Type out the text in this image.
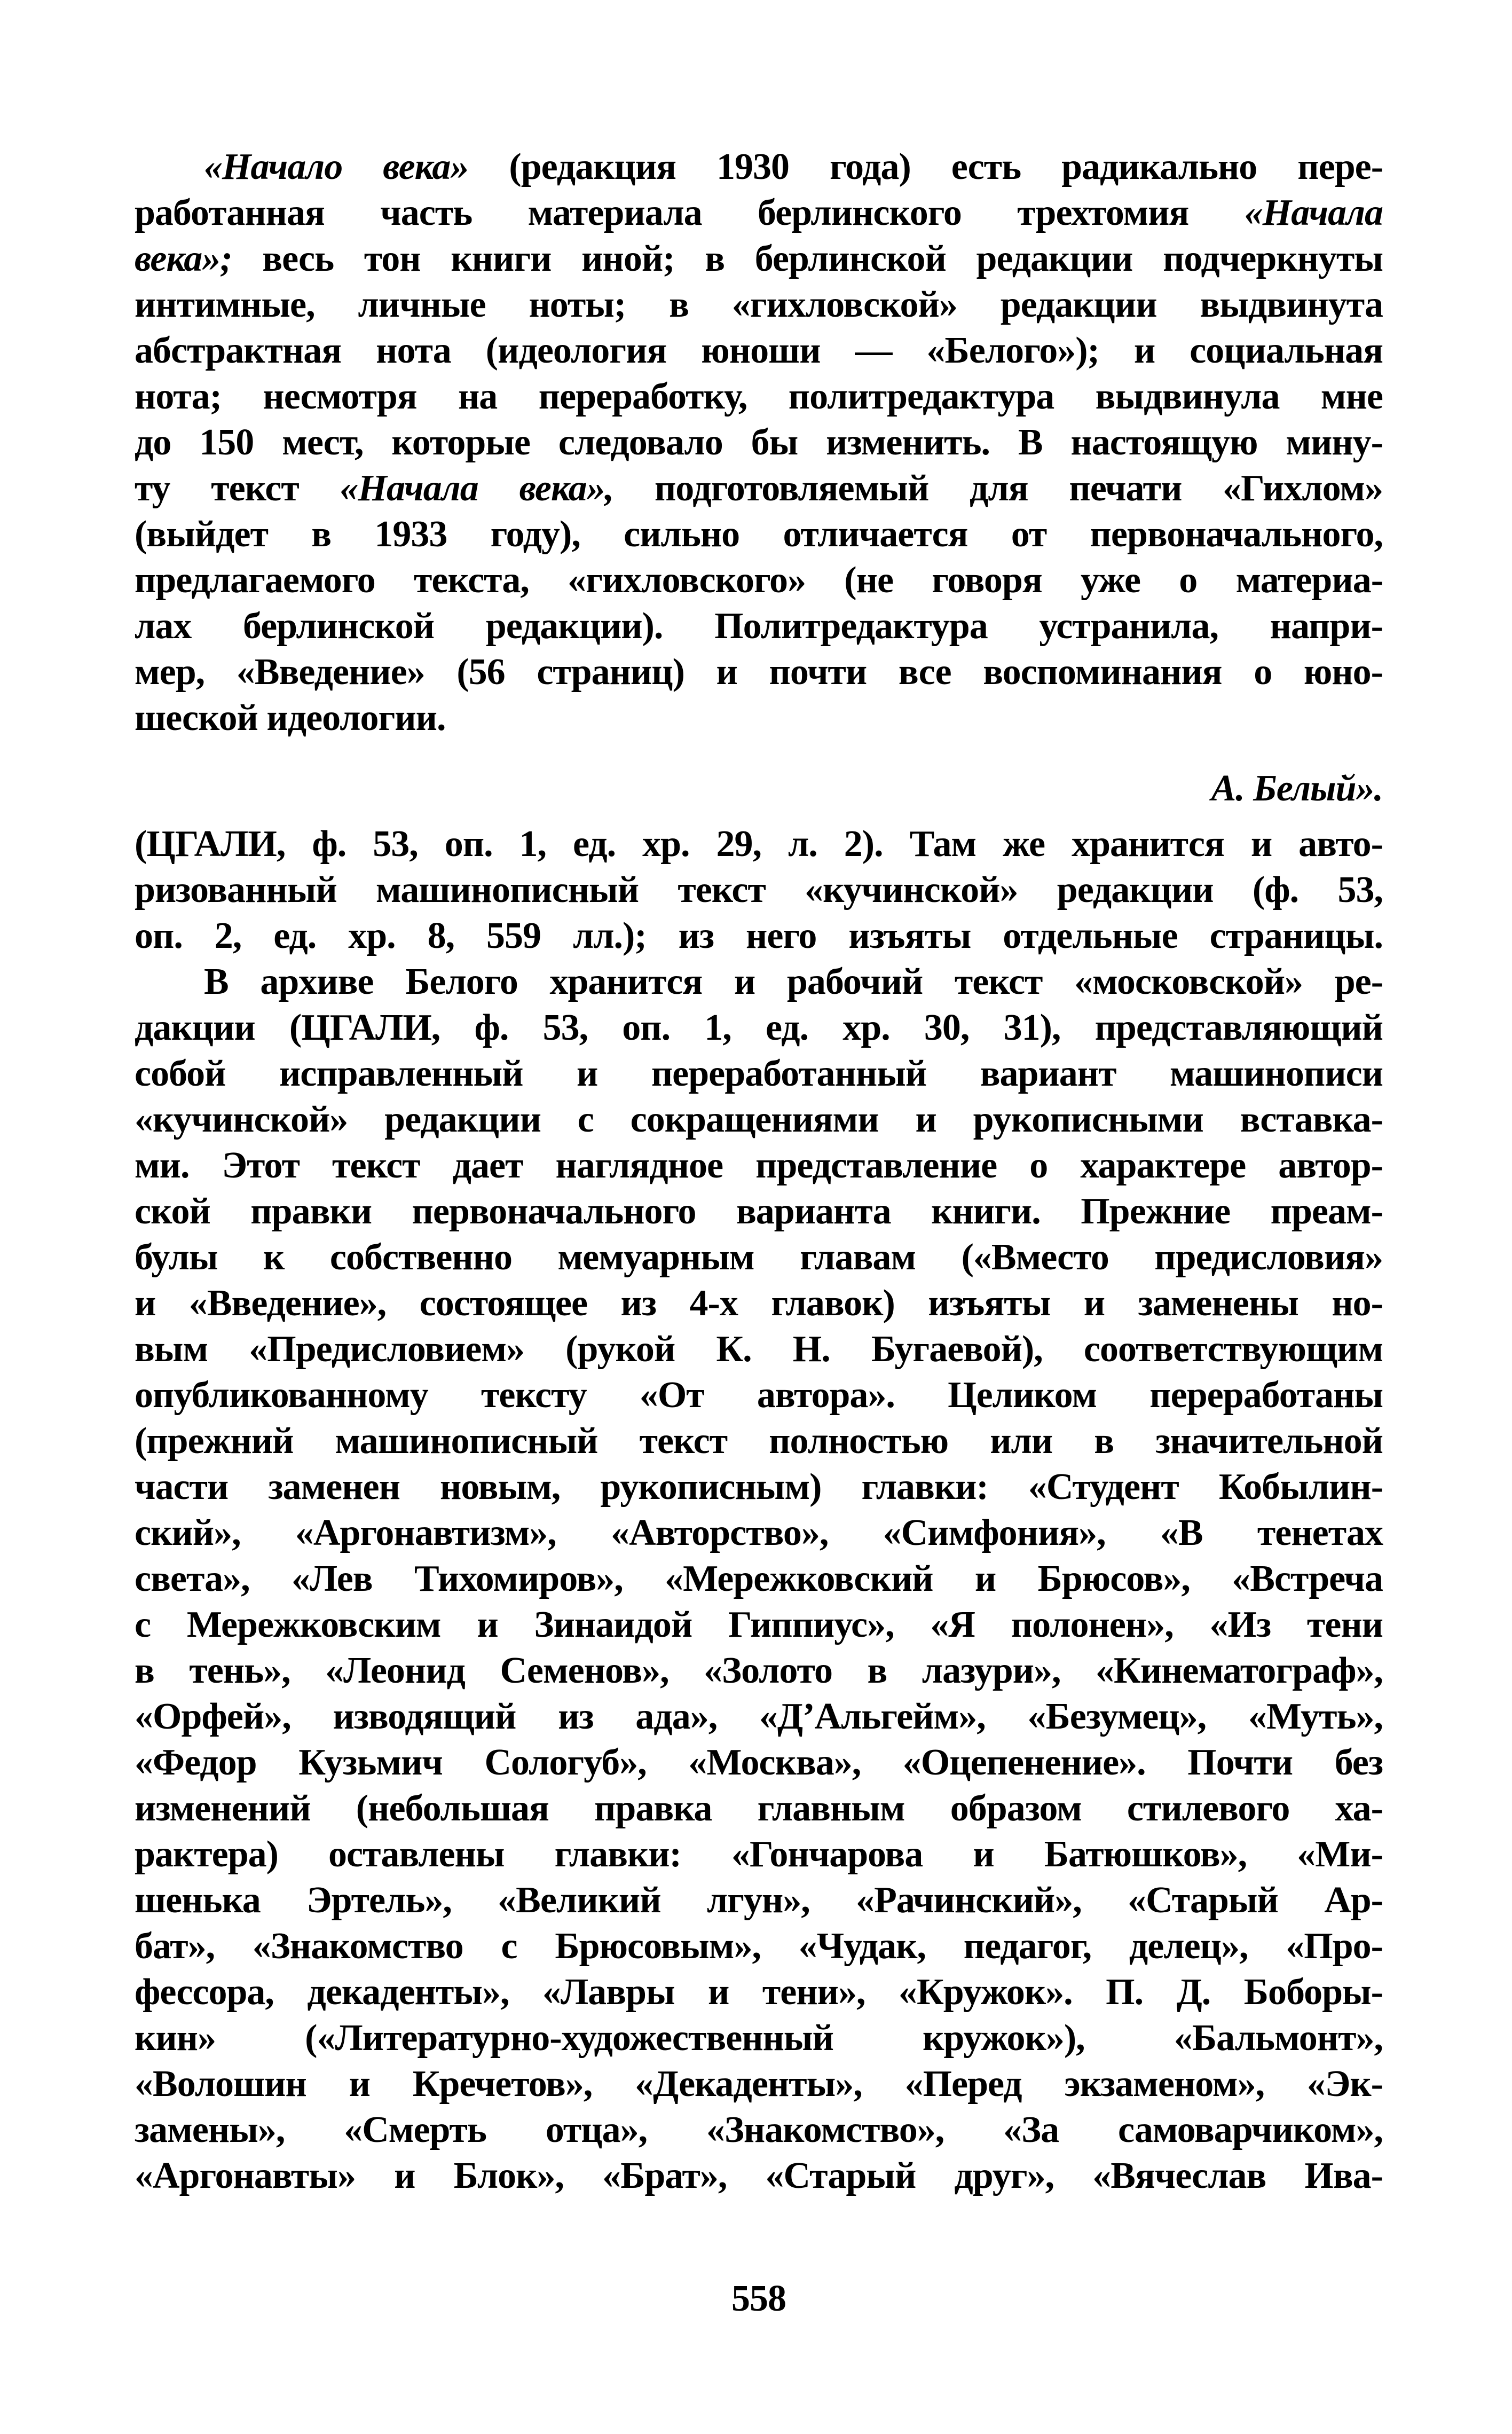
«Начало века» (редакция 1930 года) есть радикально пере-
работанная часть материала берлинского трехтомия «Начала
века»; весь тон книги иной; в берлинской редакции подчеркнуты
интимные, личные ноты; в «гихловской» редакции выдвинута
абстрактная нота (идеология юноши — «Белого»); и социальная
нота; несмотря на переработку, политредактура выдвинула мне
до 150 мест, которые следовало бы изменить. В настоящую мину-
ту текст «Начала века», подготовляемый для печати «Гихлом»
(выйдет в 1933 году), сильно отличается от первоначального,
предлагаемого текста, «гихловского» (не говоря уже о материа-
лах берлинской редакции). Политредактура устранила, напри-
мер, «Введение» (56 страниц) и почти все воспоминания о юно-
шеской идеологии.
А. Белый».
(ЦГАЛИ, ф. 53, оп. 1, ед. хр. 29, л. 2). Там же хранится и авто-
ризованный машинописный текст «кучинской» редакции (ф. 53,
оп. 2, ед. хр. 8, 559 лл.); из него изъяты отдельные страницы.
В архиве Белого хранится и рабочий текст «московской» ре-
дакции (ЦГАЛИ, ф. 53, оп. 1, ед. хр. 30, 31), представляющий
собой исправленный и переработанный вариант машинописи
«кучинской» редакции с сокращениями и рукописными вставка-
ми. Этот текст дает наглядное представление о характере автор-
ской правки первоначального варианта книги. Прежние преам-
булы к собственно мемуарным главам («Вместо предисловия»
и «Введение», состоящее из 4-х главок) изъяты и заменены но-
вым «Предисловием» (рукой К. Н. Бугаевой), соответствующим
опубликованному тексту «От автора». Целиком переработаны
(прежний машинописный текст полностью или в значительной
части заменен новым, рукописным) главки: «Студент Кобылин-
ский», «Аргонавтизм», «Авторство», «Симфония», «В тенетах
света», «Лев Тихомиров», «Мережковский и Брюсов», «Встреча
с Мережковским и Зинаидой Гиппиус», «Я полонен», «Из тени
в тень», «Леонид Семенов», «Золото в лазури», «Кинематограф»,
«Орфей», изводящий из ада», «Д’Альгейм», «Безумец», «Муть»,
«Федор Кузьмич Сологуб», «Москва», «Оцепенение». Почти без
изменений (небольшая правка главным образом стилевого ха-
рактера) оставлены главки: «Гончарова и Батюшков», «Ми-
шенька Эртель», «Великий лгун», «Рачинский», «Старый Ар-
бат», «Знакомство с Брюсовым», «Чудак, педагог, делец», «Про-
фессора, декаденты», «Лавры и тени», «Кружок». П. Д. Боборы-
кин» («Литературно-художественный кружок»), «Бальмонт»,
«Волошин и Кречетов», «Декаденты», «Перед экзаменом», «Эк-
замены», «Смерть отца», «Знакомство», «За самоварчиком»,
«Аргонавты» и Блок», «Брат», «Старый друг», «Вячеслав Ива-
558
